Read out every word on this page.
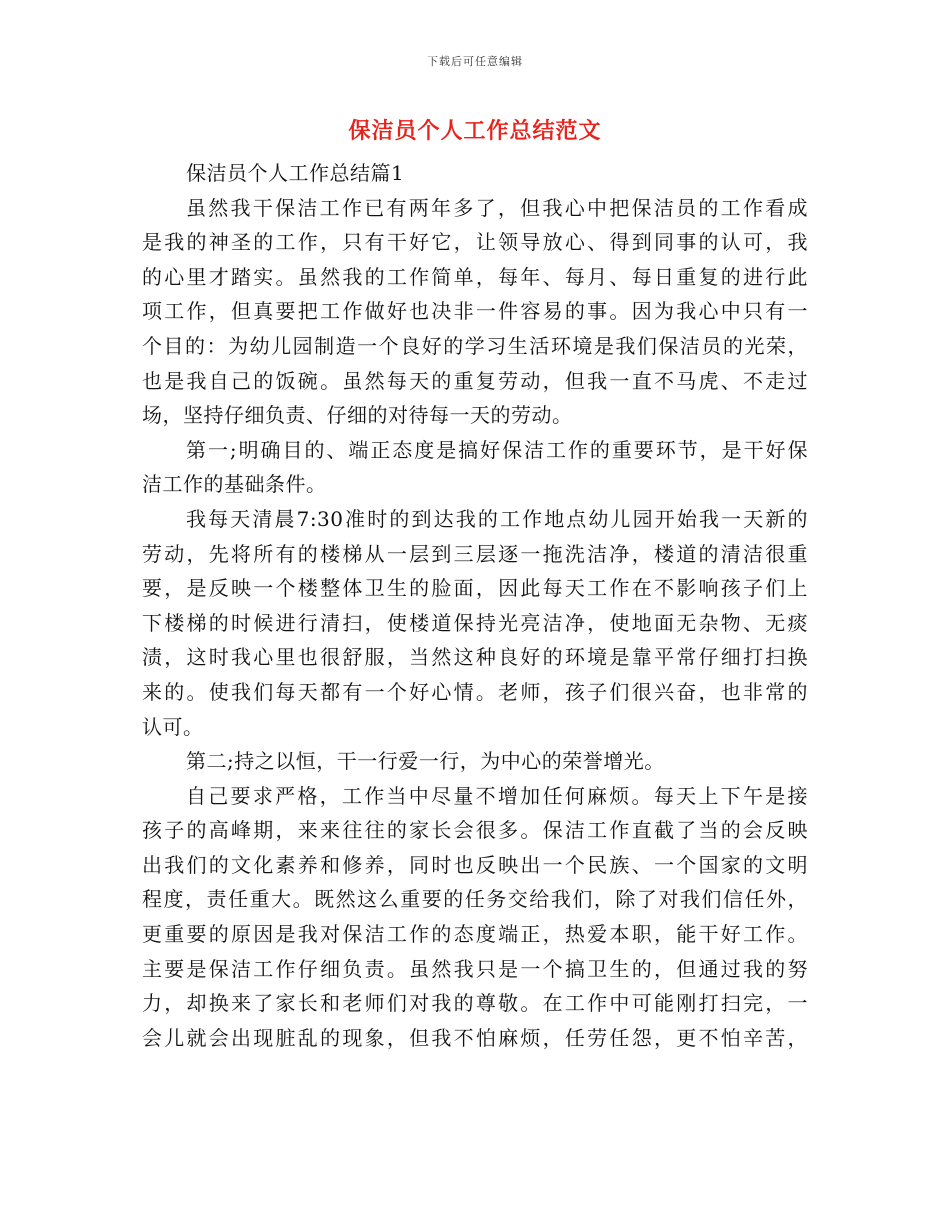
下载后可任意编辑
保洁员个人工作总结范文
保洁员个人工作总结篇1
虽然我干保洁工作已有两年多了，但我心中把保洁员的工作看成
是我的神圣的工作，只有干好它，让领导放心、得到同事的认可，我
的心里才踏实。虽然我的工作简单，每年、每月、每日重复的进行此
项工作，但真要把工作做好也决非一件容易的事。因为我心中只有一
个目的：为幼儿园制造一个良好的学习生活环境是我们保洁员的光荣，
也是我自己的饭碗。虽然每天的重复劳动，但我一直不马虎、不走过
场，坚持仔细负责、仔细的对待每一天的劳动。
第一;明确目的、端正态度是搞好保洁工作的重要环节，是干好保
洁工作的基础条件。
我每天清晨7:30准时的到达我的工作地点幼儿园开始我一天新的
劳动，先将所有的楼梯从一层到三层逐一拖洗洁净，楼道的清洁很重
要，是反映一个楼整体卫生的脸面，因此每天工作在不影响孩子们上
下楼梯的时候进行清扫，使楼道保持光亮洁净，使地面无杂物、无痰
渍，这时我心里也很舒服，当然这种良好的环境是靠平常仔细打扫换
来的。使我们每天都有一个好心情。老师，孩子们很兴奋，也非常的
认可。
第二;持之以恒，干一行爱一行，为中心的荣誉增光。
自己要求严格，工作当中尽量不增加任何麻烦。每天上下午是接
孩子的高峰期，来来往往的家长会很多。保洁工作直截了当的会反映
出我们的文化素养和修养，同时也反映出一个民族、一个国家的文明
程度，责任重大。既然这么重要的任务交给我们，除了对我们信任外，
更重要的原因是我对保洁工作的态度端正，热爱本职，能干好工作。
主要是保洁工作仔细负责。虽然我只是一个搞卫生的，但通过我的努
力，却换来了家长和老师们对我的尊敬。在工作中可能刚打扫完，一
会儿就会出现脏乱的现象，但我不怕麻烦，任劳任怨，更不怕辛苦，
